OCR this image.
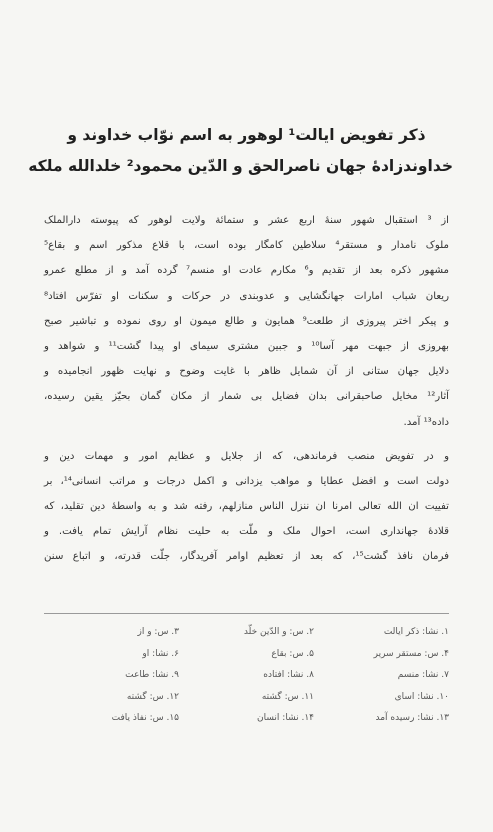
ذکر تفویض ایالت¹ لوهور به اسم نوّاب خداوند و
خداوندزادهٔ جهان ناصرالحق و الدّین محمود² خلدالله ملکه
از ³ استقبال شهور سنهٔ اربع عشر و ستمائة ولایت لوهور که پیوسته دارالملک
ملوک نامدار و مستقر⁴ سلاطین کامگار بوده است، با قلاع مذکور اسم و بقاع⁵
مشهور ذکره بعد از تقدیم و⁶ مکارم عادت او منسم⁷ گرده آمد و از مطلع عمرو
ریعان شباب امارات جهانگشایی و عدوبندی در حرکات و سکنات او تفرّس افتاد⁸
و پیکر اختر پیروزی از طلعت⁹ همایون و طالع میمون او روی نموده و تباشیر صبح
بهروزی از جبهت مهر آسا¹⁰ و جبین مشتری سیمای او پیدا گشت¹¹ و شواهد و
دلایل جهان ستانی از آن شمایل ظاهر با غایت وضوح و نهایت ظهور انجامیده و
آثار¹² مخایل صاحبقرانی بدان فضایل بی شمار از مکان گمان بحیّز یقین رسیده،
داده¹³ آمد.
و در تفویض منصب فرماندهی، که از جلایل و عظایم امور و مهمات دین و
دولت است و افضل عطایا و مواهب یزدانی و اکمل درجات و مراتب انسانی¹⁴، بر
تفییت ان الله تعالی امرنا ان ننزل الناس منازلهم، رفته شد و به واسطهٔ دین تقلید، که
قلادهٔ جهانداری است، احوال ملک و ملّت به حلیت نظام آرایش تمام یافت. و
فرمان نافذ گشت¹⁵، که بعد از تعظیم اوامر آفریدگار، جلّت قدرته، و اتباع سنن
۱. نشا: ذکر ایالت
۲. س: و الدّین خلّد
۳. س: و از
۴. س: مستقر سریر
۵. س: بقاع
۶. نشا: او
۷. نشا: منسم
۸. نشا: افتاده
۹. نشا: طاعت
۱۰. نشا: اسای
۱۱. س: گشته
۱۲. س: گشته
۱۳. نشا: رسیده آمد
۱۴. نشا: انسان
۱۵. س: نفاذ یافت
